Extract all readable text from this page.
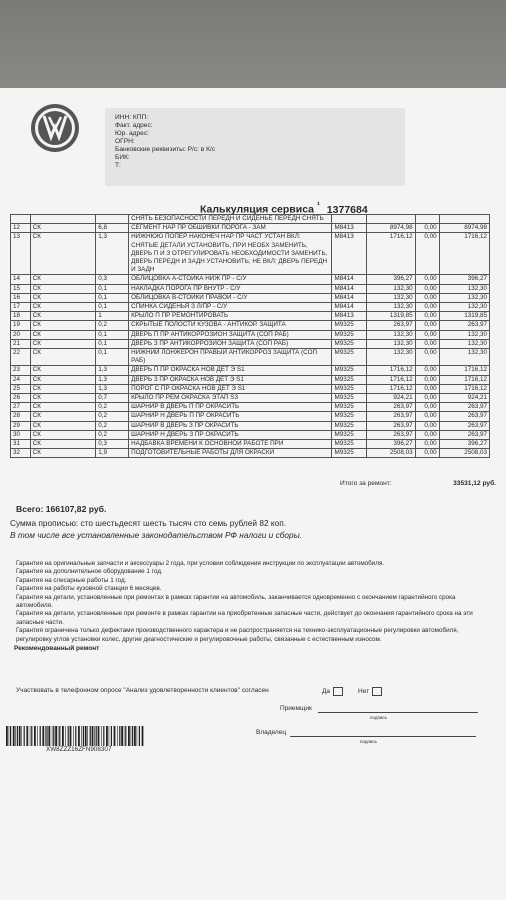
ИНН: КПП:
Факт. адрес:
Юр. адрес:
ОГРН:
Банковские реквизиты: Р/с: в К/с
БИК:
Т:
Калькуляция сервиса $^{^1}$ 1377684
			СНЯТЬ БЕЗОПАСНОСТИ ПЕРЕДН И СИДЕНЬЕ ПЕРЕДН СНЯТЬ				
12	СК	6,8	СЕГМЕНТ НАР ПР ОБШИВКИ ПОРОГА - ЗАМ	M8413	8974,98	0,00	8974,98
13	СК	1,3	НИЖНЮЮ ПОПЕР НАКОНЕЧ НАР ПР ЧАСТ УСТАН ВКЛ: СНЯТЫЕ ДЕТАЛИ УСТАНОВИТЬ, ПРИ НЕОБХ ЗАМЕНИТЬ, ДВЕРЬ П И З ОТРЕГУЛИРОВАТЬ НЕОБХОДИМОСТИ ЗАМЕНИТЬ, ДВЕРЬ ПЕРЕДН И ЗАДН УСТАНОВИТЬ; НЕ ВКЛ: ДВЕРЬ ПЕРЕДН И ЗАДН	M8413	1716,12	0,00	1716,12
14	СК	0,3	ОБЛИЦОВКА А-СТОЙКА НИЖ ПР - С/У	M8414	396,27	0,00	396,27
15	СК	0,1	НАКЛАДКА ПОРОГА ПР ВНУТР - С/У	M8414	132,30	0,00	132,30
16	СК	0,1	ОБЛИЦОВКА В-СТОЙКИ ПРАВОЙ - С/У	M8414	132,30	0,00	132,30
17	СК	0,1	СПИНКА СИДЕНЬЯ З Л/ПР - С/У	M8414	132,30	0,00	132,30
18	СК	1	КРЫЛО П ПР РЕМОНТИРОВАТЬ	M8413	1319,85	0,00	1319,85
19	СК	0,2	СКРЫТЫЕ ПОЛОСТИ КУЗОВА - АНТИКОР. ЗАЩИТА	M9325	263,97	0,00	263,97
20	СК	0,1	ДВЕРЬ П ПР АНТИКОРРОЗИОН ЗАЩИТА (СОП РАБ)	M9325	132,30	0,00	132,30
21	СК	0,1	ДВЕРЬ З ПР АНТИКОРРОЗИОН ЗАЩИТА (СОП РАБ)	M9325	132,30	0,00	132,30
22	СК	0,1	НИЖНИЙ ЛОНЖЕРОН ПРАВЫЙ АНТИКОРРОЗ ЗАЩИТА (СОП РАБ)	M9325	132,30	0,00	132,30
23	СК	1,3	ДВЕРЬ П ПР ОКРАСКА НОВ ДЕТ Э S1	M9325	1716,12	0,00	1716,12
24	СК	1,3	ДВЕРЬ З ПР ОКРАСКА НОВ ДЕТ Э S1	M9325	1716,12	0,00	1716,12
25	СК	1,3	ПОРОГ С ПР ОКРАСКА НОВ ДЕТ Э S1	M9325	1716,12	0,00	1716,12
26	СК	0,7	КРЫЛО ПР РЕМ ОКРАСКА ЭТАП S3	M9325	924,21	0,00	924,21
27	СК	0,2	ШАРНИР В ДВЕРЬ П ПР ОКРАСИТЬ	M9325	263,97	0,00	263,97
28	СК	0,2	ШАРНИР Н ДВЕРЬ П ПР ОКРАСИТЬ	M9325	263,97	0,00	263,97
29	СК	0,2	ШАРНИР В ДВЕРЬ З ПР ОКРАСИТЬ	M9325	263,97	0,00	263,97
30	СК	0,2	ШАРНИР Н ДВЕРЬ З ПР ОКРАСИТЬ	M9325	263,97	0,00	263,97
31	СК	0,3	НАДБАВКА ВРЕМЕНИ К ОСНОВНОЙ РАБОТЕ ПРИ	M9325	396,27	0,00	396,27
32	СК	1,9	ПОДГОТОВИТЕЛЬНЫЕ РАБОТЫ ДЛЯ ОКРАСКИ	M9325	2508,03	0,00	2508,03
Итого за ремонт:	33531,12 руб.
Всего: 166107,82 руб.
Сумма прописью: сто шестьдесят шесть тысяч сто семь рублей 82 коп.
В том числе все установленные законодательством РФ налоги и сборы.

Гарантия на оригинальные запчасти и аксессуары 2 года, при условии соблюдения инструкции по эксплуатации автомобиля.

Гарантия на дополнительное оборудование 1 год.

Гарантия на слесарные работы 1 год.

Гарантия на работы кузовной станции 6 месяцев.

Гарантия на детали, установленные при ремонтах в рамках гарантии на автомобиль, заканчивается одновременно с окончанием гарантийного срока автомобиля.

Гарантия на детали, установленные при ремонте в рамках гарантии на приобретенные запасные части, действует до окончания гарантийного срока на эти запасные части.

Гарантия ограничена только дефектами производственного характера и не распространяется на технико-эксплуатационные регулировки автомобиля, регулировку углов установки колес, другие диагностические и регулировочные работы, связанные с естественным износом.

Рекомендованный ремонт
Участвовать в телефонном опросе "Анализ удовлетворенности клиентов" согласен	Да	Нет
Приемщик
подпись
Владелец
подпись
XW8ZZZ16ZFN908307
